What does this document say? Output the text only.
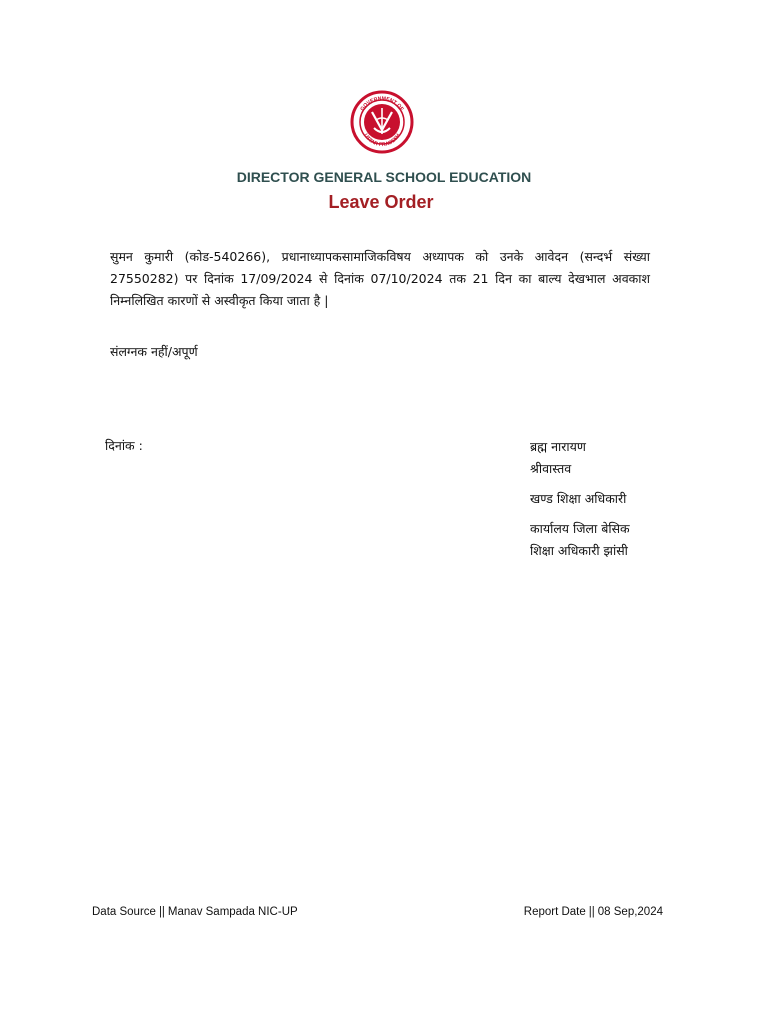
GOVERNMENT OF
UTTAR PRADESH
DIRECTOR GENERAL SCHOOL EDUCATION
Leave Order
सुमन कुमारी (कोड-540266), प्रधानाध्यापकसामाजिकविषय अध्यापक को उनके आवेदन (सन्दर्भ संख्या 27550282) पर दिनांक 17/09/2024 से दिनांक 07/10/2024 तक 21 दिन का बाल्य देखभाल अवकाश निम्नलिखित कारणों से अस्वीकृत किया जाता है |
संलग्नक नहीं/अपूर्ण
दिनांक :	ब्रह्म नारायण
श्रीवास्तव
खण्ड शिक्षा अधिकारी
कार्यालय जिला बेसिक
शिक्षा अधिकारी झांसी
Data Source || Manav Sampada NIC-UP	Report Date || 08 Sep,2024
